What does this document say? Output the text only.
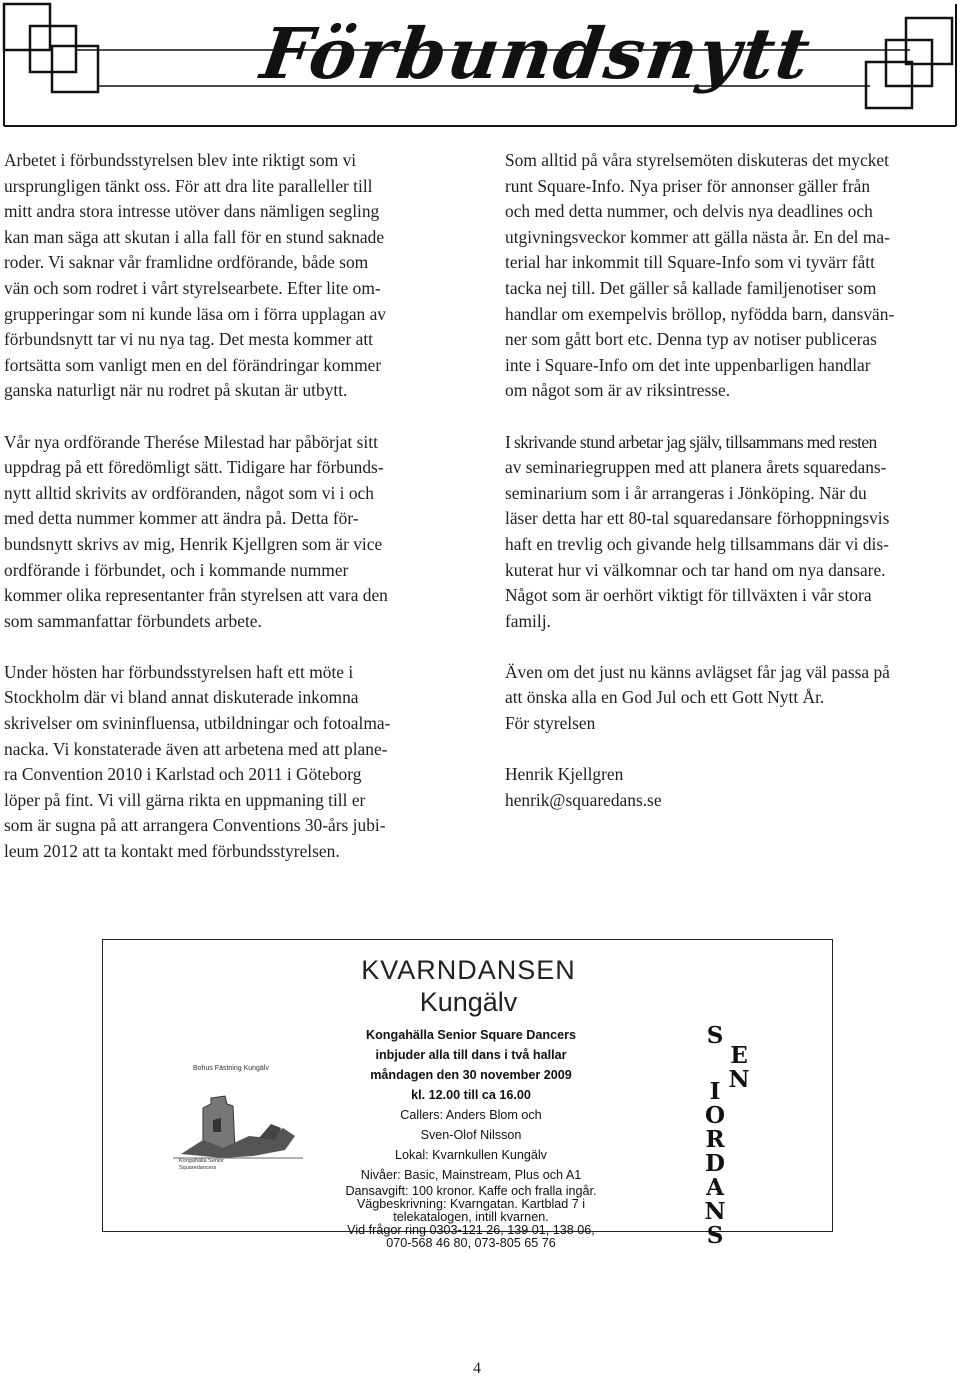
Förbundsnytt

Arbetet i förbundsstyrelsen blev inte riktigt som vi
ursprungligen tänkt oss. För att dra lite paralleller till
mitt andra stora intresse utöver dans nämligen segling
kan man säga att skutan i alla fall för en stund saknade
roder. Vi saknar vår framlidne ordförande, både som
vän och som rodret i vårt styrelsearbete. Efter lite om-
grupperingar som ni kunde läsa om i förra upplagan av
förbundsnytt tar vi nu nya tag. Det mesta kommer att
fortsätta som vanligt men en del förändringar kommer
ganska naturligt när nu rodret på skutan är utbytt.

Vår nya ordförande Therése Milestad har påbörjat sitt
uppdrag på ett föredömligt sätt. Tidigare har förbunds-
nytt alltid skrivits av ordföranden, något som vi i och
med detta nummer kommer att ändra på. Detta för-
bundsnytt skrivs av mig, Henrik Kjellgren som är vice
ordförande i förbundet, och i kommande nummer
kommer olika representanter från styrelsen att vara den
som sammanfattar förbundets arbete.

Under hösten har förbundsstyrelsen haft ett möte i
Stockholm där vi bland annat diskuterade inkomna
skrivelser om svininfluensa, utbildningar och fotoalma-
nacka. Vi konstaterade även att arbetena med att plane-
ra Convention 2010 i Karlstad och 2011 i Göteborg
löper på fint. Vi vill gärna rikta en uppmaning till er
som är sugna på att arrangera Conventions 30-års jubi-
leum 2012 att ta kontakt med förbundsstyrelsen.

Som alltid på våra styrelsemöten diskuteras det mycket
runt Square-Info. Nya priser för annonser gäller från
och med detta nummer, och delvis nya deadlines och
utgivningsveckor kommer att gälla nästa år. En del ma-
terial har inkommit till Square-Info som vi tyvärr fått
tacka nej till. Det gäller så kallade familjenotiser som
handlar om exempelvis bröllop, nyfödda barn, dansvän-
ner som gått bort etc. Denna typ av notiser publiceras
inte i Square-Info om det inte uppenbarligen handlar
om något som är av riksintresse.

I skrivande stund arbetar jag själv, tillsammans med resten
av seminariegruppen med att planera årets squaredans-
seminarium som i år arrangeras i Jönköping. När du
läser detta har ett 80-tal squaredansare förhoppningsvis
haft en trevlig och givande helg tillsammans där vi dis-
kuterat hur vi välkomnar och tar hand om nya dansare.
Något som är oerhört viktigt för tillväxten i vår stora
familj.

Även om det just nu känns avlägset får jag väl passa på
att önska alla en God Jul och ett Gott Nytt År.
För styrelsen

Henrik Kjellgren
henrik@squaredans.se

KVARNDANSEN
Kungälv
Bohus Fästning Kungälv
Kongahälla Senior
Squaredancers
Kongahälla Senior Square Dancers
inbjuder alla till dans i två hallar
måndagen den 30 november 2009
kl. 12.00 till ca 16.00
Callers: Anders Blom och
Sven-Olof Nilsson
Lokal: Kvarnkullen Kungälv
Nivåer: Basic, Mainstream, Plus och A1
Dansavgift: 100 kronor. Kaffe och fralla ingår.
Vägbeskrivning: Kvarngatan. Kartblad 7 i
telekatalogen, intill kvarnen.
Vid frågor ring 0303-121 26, 139 01, 138 06,
070-568 46 80, 073-805 65 76
S
E
N
I
O
R
D
A
N
S
4
